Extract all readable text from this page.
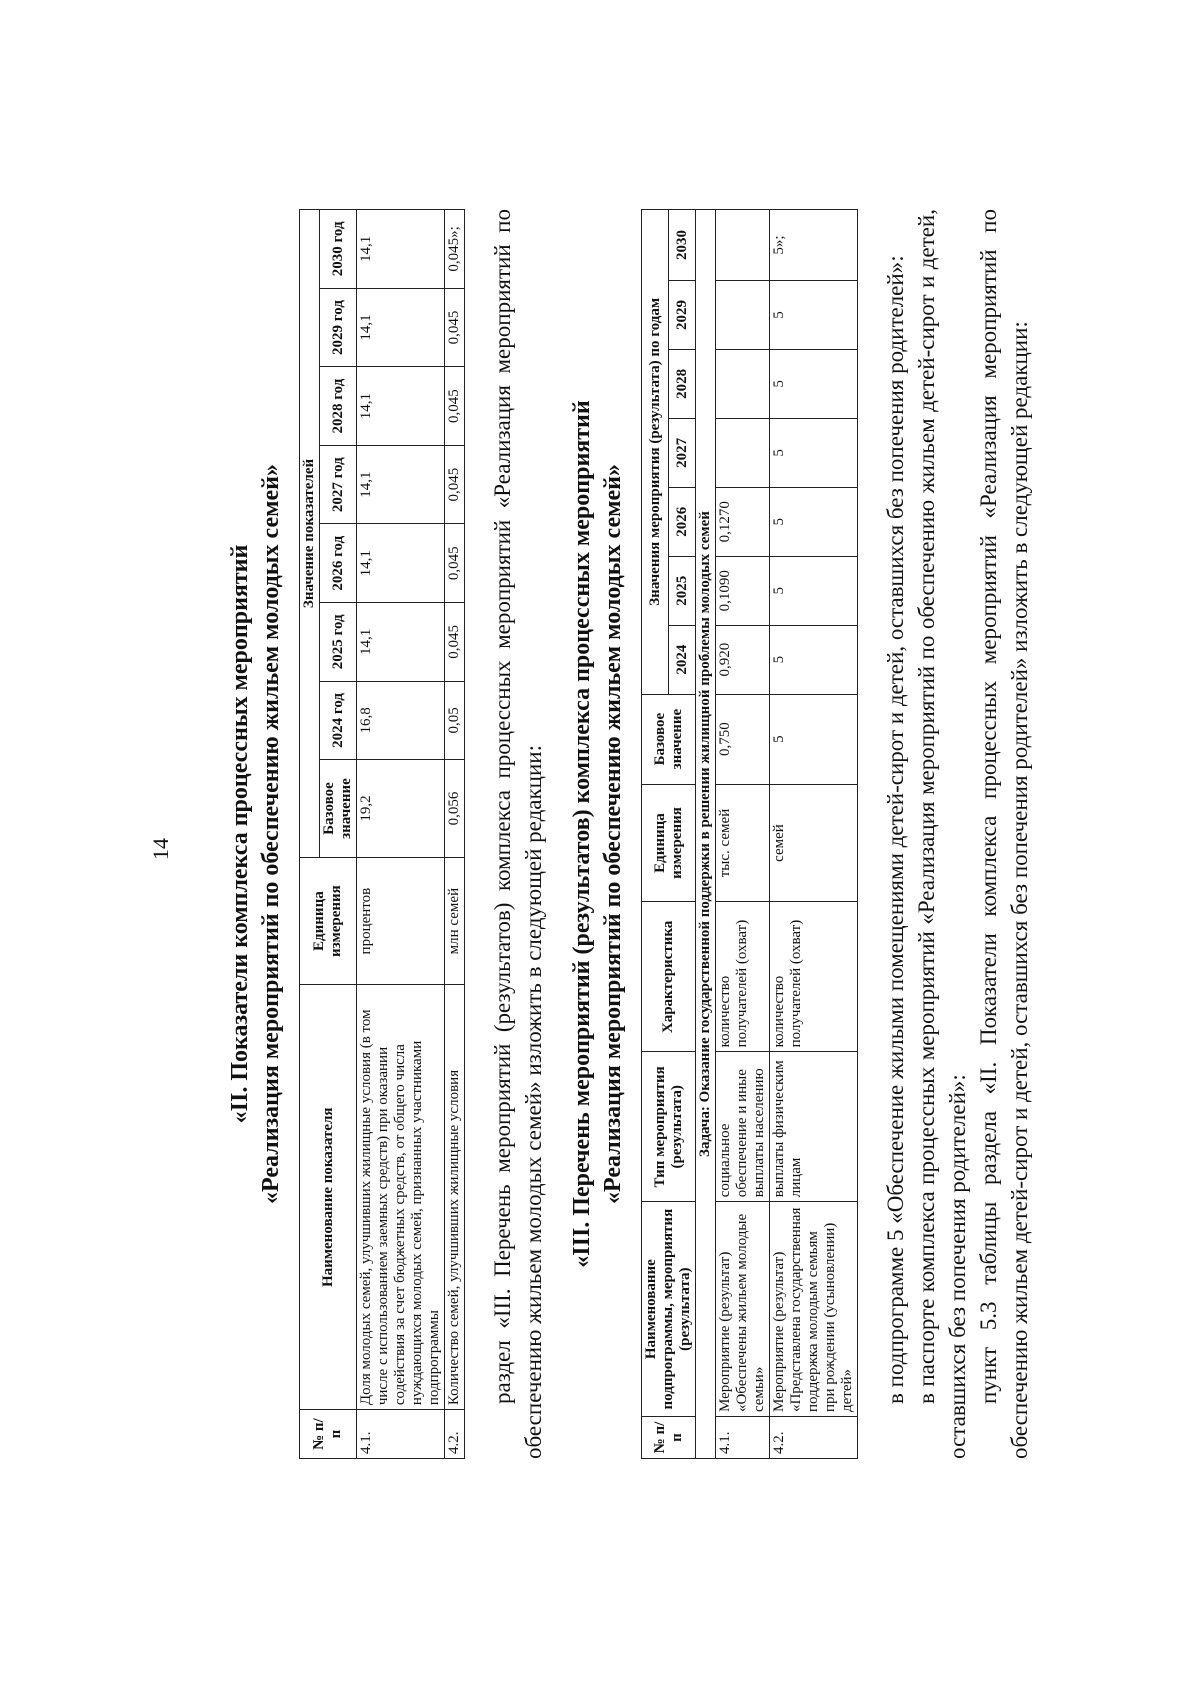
14 «II. Показатели комплекса процессных мероприятий «Реализация мероприятий по обеспечению жильем молодых семей»

№ п/п	Наименование показателя	Единица измерения	Значение показателей							
			Базовое значение	2024 год	2025 год	2026 год	2027 год	2028 год	2029 год	2030 год
4.1.	Доля молодых семей, улучшивших жилищные условия (в том числе с использованием заемных средств) при оказании содействия за счет бюджетных средств, от общего числа нуждающихся молодых семей, признанных участниками подпрограммы	процентов	19,2	16,8	14,1	14,1	14,1	14,1	14,1	14,1
4.2.	Количество семей, улучшивших жилищные условия	млн семей	0,056	0,05	0,045	0,045	0,045	0,045	0,045	0,045»; раздел «III. Перечень мероприятий (результатов) комплекса процессных мероприятий «Реализация мероприятий по обеспечению жильем молодых семей» изложить в следующей редакции: «III. Перечень мероприятий (результатов) комплекса процессных мероприятий «Реализация мероприятий по обеспечению жильем молодых семей»

№ п/п	Наименование подпрограммы, мероприятия (результата)	Тип мероприятия (результата)	Характеристика	Единица измерения	Базовое значение	Значения мероприятия (результата) по годам						
						2024	2025	2026	2027	2028	2029	2030
Задача: Оказание государственной поддержки в решении жилищной проблемы молодых семей												
4.1.	Мероприятие (результат) «Обеспечены жильем молодые семьи»	социальное обеспечение и иные выплаты населению	количество получателей (охват)	тыс. семей	0,750	0,920	0,1090	0,1270				
4.2.	Мероприятие (результат) «Представлена государственная поддержка молодым семьям при рождении (усыновлении) детей»	выплаты физическим лицам	количество получателей (охват)	семей	5	5	5	5	5	5	5	5»;

в подпрограмме 5 «Обеспечение жилыми помещениями детей-сирот и детей, оставшихся без попечения родителей»: в паспорте комплекса процессных мероприятий «Реализация мероприятий по обеспечению жильем детей-сирот и детей, оставшихся без попечения родителей»: пункт 5.3 таблицы раздела «II. Показатели комплекса процессных мероприятий «Реализация мероприятий по обеспечению жильем детей-сирот и детей, оставшихся без попечения родителей» изложить в следующей редакции:
